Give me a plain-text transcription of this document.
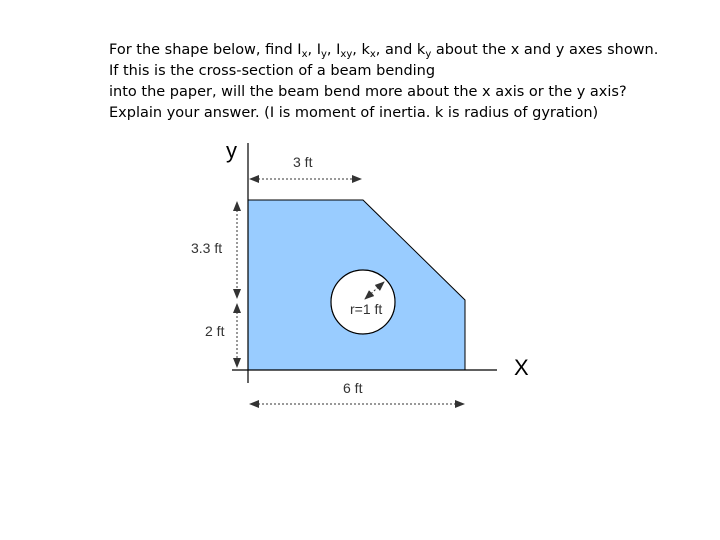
For the shape below, find $I_x$, $I_y$, $I_{xy}$, $k_x$, and $k_y$ about the x and y axes shown.
If this is the cross-section of a beam bending
into the paper, will the beam bend more about the x axis or the y axis?
Explain your answer. (I is moment of inertia. k is radius of gyration)
y
X
3 ft
6 ft
3.3 ft
2 ft
r=1 ft
